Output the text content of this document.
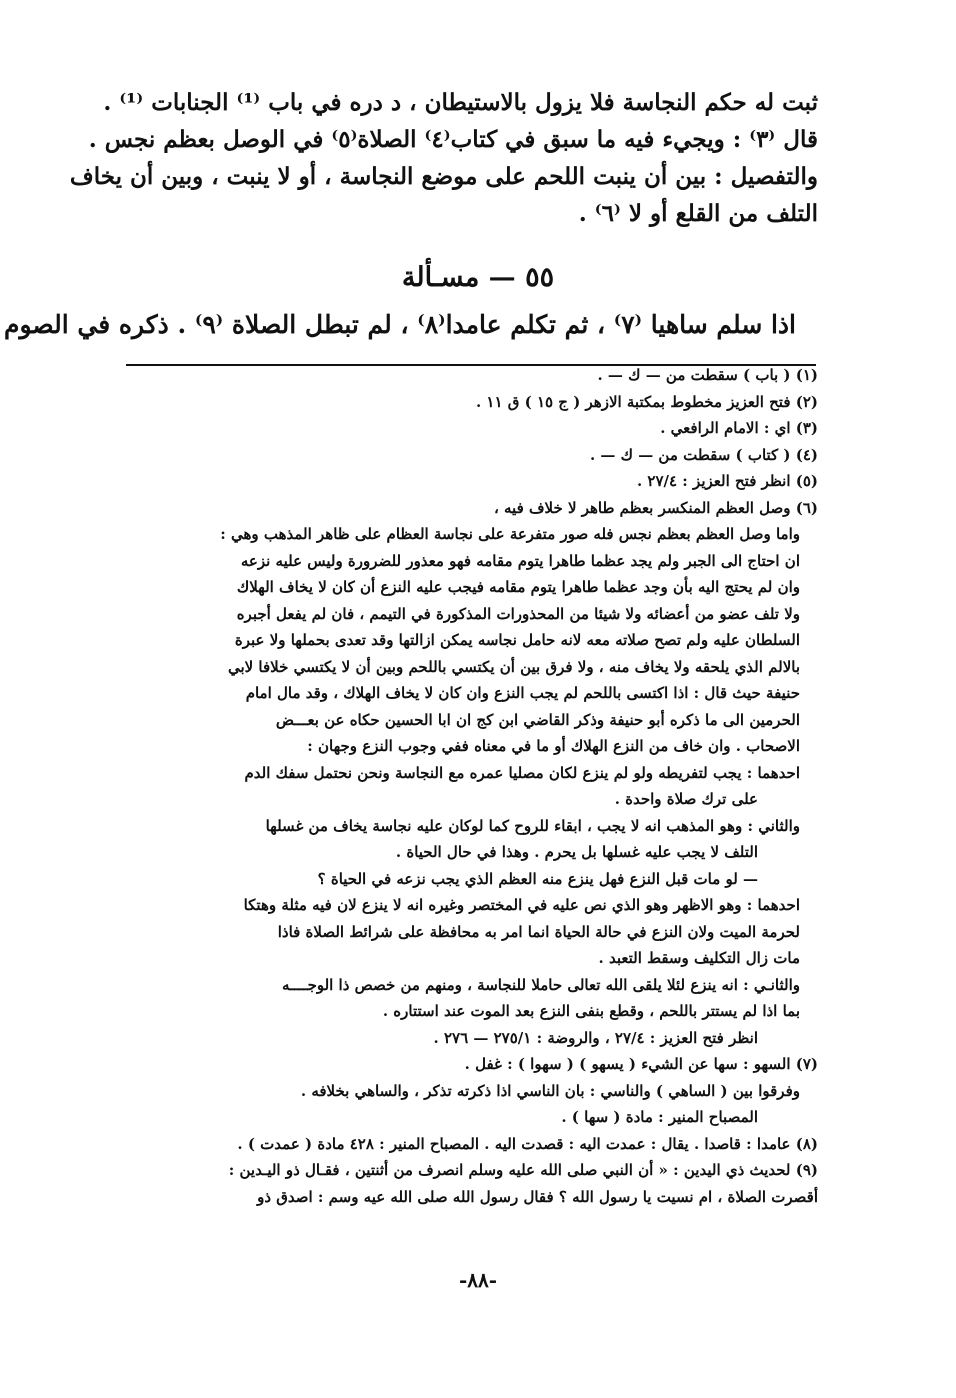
ثبت له حكم النجاسة فلا يزول بالاستيطان ، د دره في باب ⁽¹⁾ الجنابات ⁽¹⁾ .

قال ⁽٣⁾ : ويجيء فيه ما سبق في كتاب⁽٤⁾ الصلاة⁽٥⁾ في الوصل بعظم نجس .

والتفصيل : بين أن ينبت اللحم على موضع النجاسة ، أو لا ينبت ، وبين أن يخاف

التلف من القلع أو لا ⁽٦⁾ .

٥٥ — مسـألة
اذا سلم ساهيا ⁽٧⁾ ، ثم تكلم عامدا⁽٨⁾ ، لم تبطل الصلاة ⁽٩⁾ . ذكره في الصوم

(١) ( باب ) سقطت من — ك — .

(٢) فتح العزيز مخطوط بمكتبة الازهر ( ج ١٥ ) ق ١١ .

(٣) اي : الامام الرافعي .

(٤) ( كتاب ) سقطت من — ك — .

(٥) انظر فتح العزيز : ٢٧/٤ .

(٦) وصل العظم المنكسر بعظم طاهر لا خلاف فيه ،

واما وصل العظم بعظم نجس فله صور متفرعة على نجاسة العظام على ظاهر المذهب وهي :

ان احتاج الى الجبر ولم يجد عظما طاهرا يتوم مقامه فهو معذور للضرورة وليس عليه نزعه

وان لم يحتج اليه بأن وجد عظما طاهرا يتوم مقامه فيجب عليه النزع أن كان لا يخاف الهلاك

ولا تلف عضو من أعضائه ولا شيئا من المحذورات المذكورة في التيمم ، فان لم يفعل أجبره

السلطان عليه ولم تصح صلاته معه لانه حامل نجاسه يمكن ازالتها وقد تعدى بحملها ولا عبرة

بالالم الذي يلحقه ولا يخاف منه ، ولا فرق بين أن يكتسي باللحم وبين أن لا يكتسي خلافا لابي

حنيفة حيث قال : اذا اكتسى باللحم لم يجب النزع وان كان لا يخاف الهلاك ، وقد مال امام

الحرمين الى ما ذكره أبو حنيفة وذكر القاضي ابن كج ان ابا الحسين حكاه عن بعـــض

الاصحاب . وان خاف من النزع الهلاك أو ما في معناه ففي وجوب النزع وجهان :

احدهما : يجب لتفريطه ولو لم ينزع لكان مصليا عمره مع النجاسة ونحن نحتمل سفك الدم

على ترك صلاة واحدة .

والثاني : وهو المذهب انه لا يجب ، ابقاء للروح كما لوكان عليه نجاسة يخاف من غسلها

التلف لا يجب عليه غسلها بل يحرم . وهذا في حال الحياة .

— لو مات قبل النزع فهل ينزع منه العظم الذي يجب نزعه في الحياة ؟

احدهما : وهو الاظهر وهو الذي نص عليه في المختصر وغيره انه لا ينزع لان فيه مثلة وهتكا

لحرمة الميت ولان النزع في حالة الحياة انما امر به محافظة على شرائط الصلاة فاذا

مات زال التكليف وسقط التعبد .

والثانـي : انه ينزع لئلا يلقى الله تعالى حاملا للنجاسة ، ومنهم من خصص ذا الوجــــه

بما اذا لم يستتر باللحم ، وقطع بنفى النزع بعد الموت عند استتاره .

انظر فتح العزيز : ٢٧/٤ ، والروضة : ٢٧٥/١ — ٢٧٦ .

(٧) السهو : سها عن الشيء ( يسهو ) ( سهوا ) : غفل .

وفرقوا بين ( الساهي ) والناسي : بان الناسي اذا ذكرته تذكر ، والساهي بخلافه .

المصباح المنير : مادة ( سها ) .

(٨) عامدا : قاصدا . يقال : عمدت اليه : قصدت اليه . المصباح المنير : ٤٢٨ مادة ( عمدت ) .

(٩) لحديث ذي اليدين : « أن النبي صلى الله عليه وسلم انصرف من أثنتين ، فقـال ذو اليـدين :

أقصرت الصلاة ، ام نسيت يا رسول الله ؟ فقال رسول الله صلى الله عيه وسم : اصدق ذو

-٨٨-
